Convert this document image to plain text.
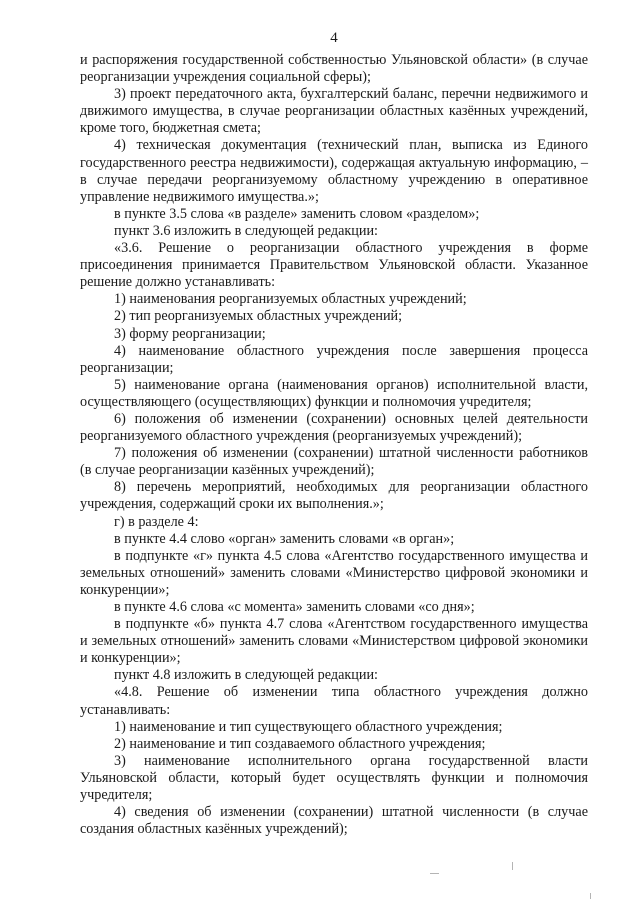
4

и распоряжения государственной собственностью Ульяновской области» (в случае реорганизации учреждения социальной сферы);

3) проект передаточного акта, бухгалтерский баланс, перечни недвижимого и движимого имущества, в случае реорганизации областных казённых учреждений, кроме того, бюджетная смета;

4) техническая документация (технический план, выписка из Единого государственного реестра недвижимости), содержащая актуальную информацию, – в случае передачи реорганизуемому областному учреждению в оперативное управление недвижимого имущества.»;

в пункте 3.5 слова «в разделе» заменить словом «разделом»;

пункт 3.6 изложить в следующей редакции:

«3.6. Решение о реорганизации областного учреждения в форме присоединения принимается Правительством Ульяновской области. Указанное решение должно устанавливать:

1) наименования реорганизуемых областных учреждений;

2) тип реорганизуемых областных учреждений;

3) форму реорганизации;

4) наименование областного учреждения после завершения процесса реорганизации;

5) наименование органа (наименования органов) исполнительной власти, осуществляющего (осуществляющих) функции и полномочия учредителя;

6) положения об изменении (сохранении) основных целей деятельности реорганизуемого областного учреждения (реорганизуемых учреждений);

7) положения об изменении (сохранении) штатной численности работников (в случае реорганизации казённых учреждений);

8) перечень мероприятий, необходимых для реорганизации областного учреждения, содержащий сроки их выполнения.»;

г) в разделе 4:

в пункте 4.4 слово «орган» заменить словами «в орган»;

в подпункте «г» пункта 4.5 слова «Агентство государственного имущества и земельных отношений» заменить словами «Министерство цифровой экономики и конкуренции»;

в пункте 4.6 слова «с момента» заменить словами «со дня»;

в подпункте «б» пункта 4.7 слова «Агентством государственного имущества и земельных отношений» заменить словами «Министерством цифровой экономики и конкуренции»;

пункт 4.8 изложить в следующей редакции:

«4.8. Решение об изменении типа областного учреждения должно устанавливать:

1) наименование и тип существующего областного учреждения;

2) наименование и тип создаваемого областного учреждения;

3) наименование исполнительного органа государственной власти Ульяновской области, который будет осуществлять функции и полномочия учредителя;

4) сведения об изменении (сохранении) штатной численности (в случае создания областных казённых учреждений);
